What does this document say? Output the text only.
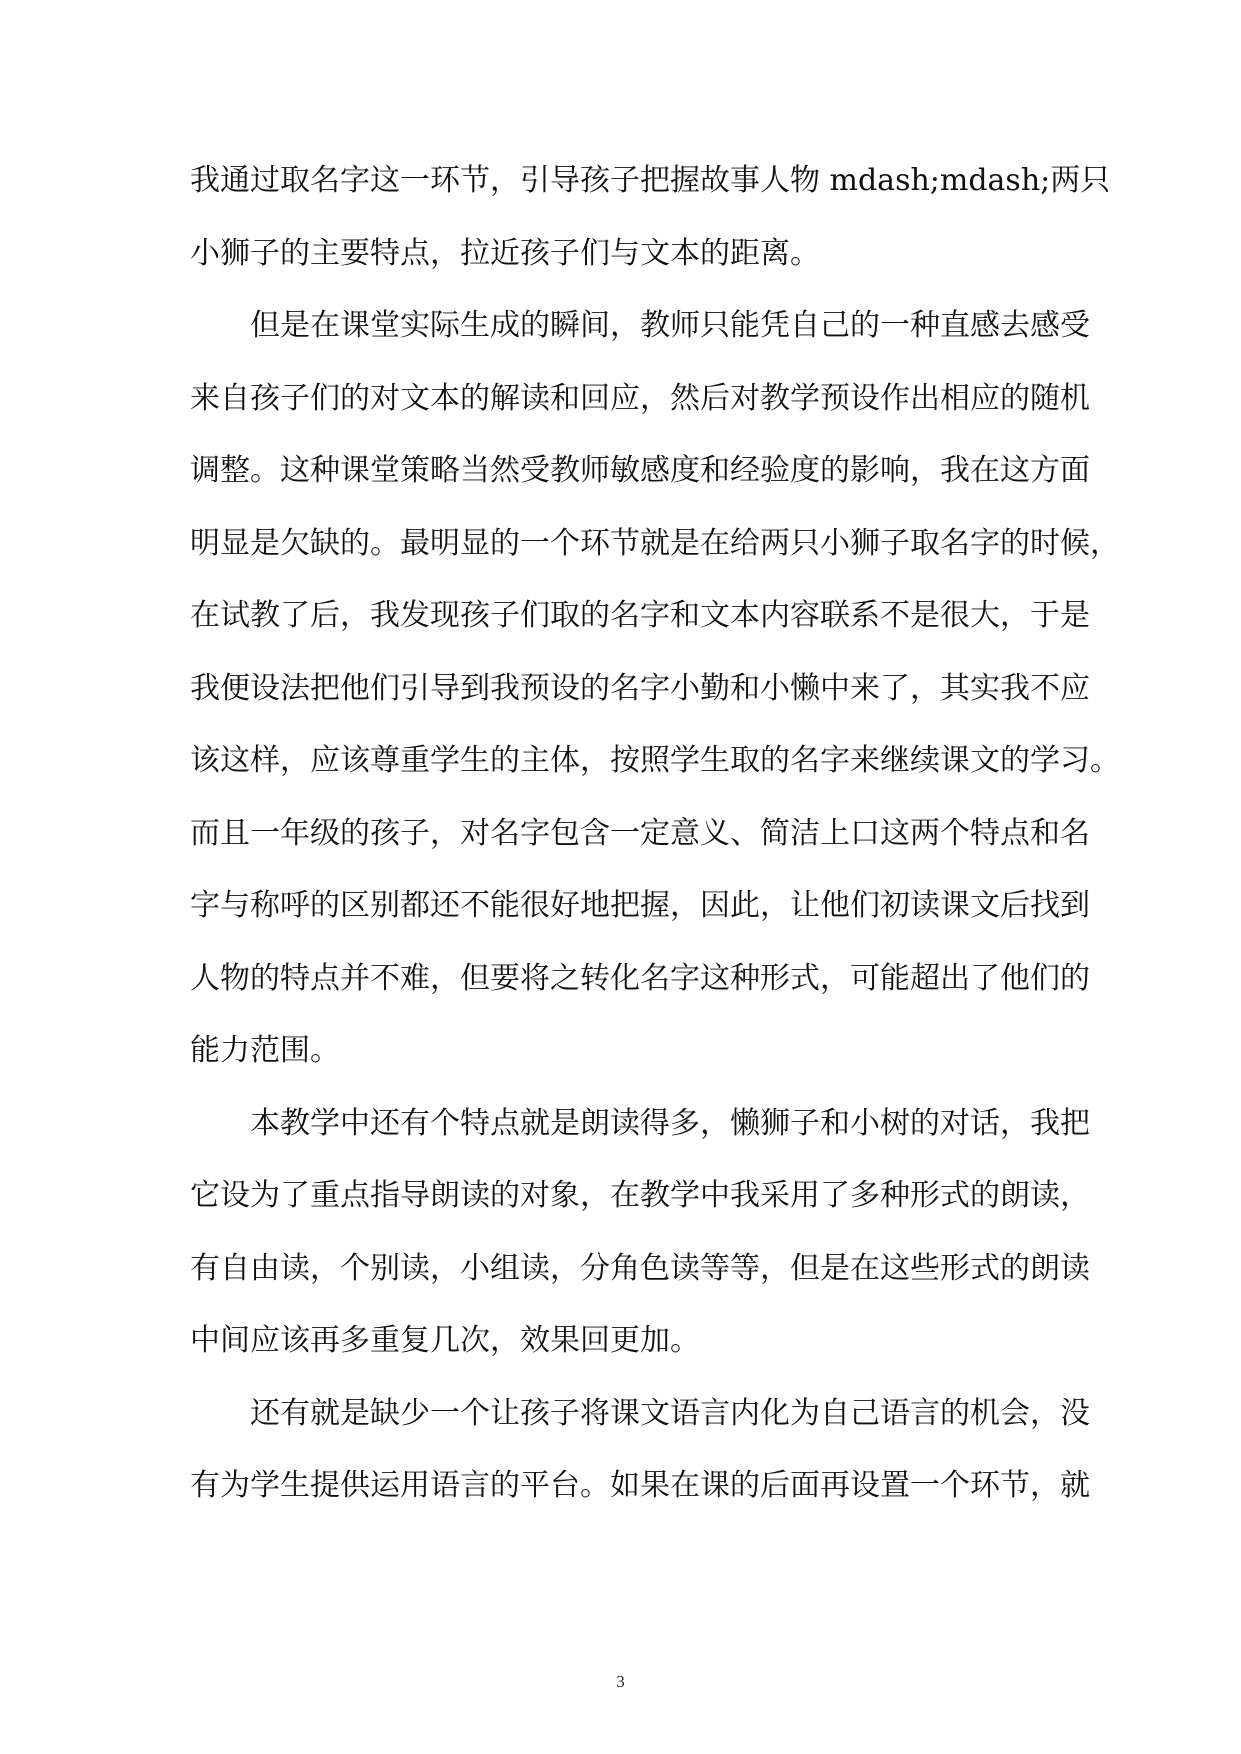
我通过取名字这一环节，引导孩子把握故事人物 mdash;mdash;两只
小狮子的主要特点，拉近孩子们与文本的距离。
但是在课堂实际生成的瞬间，教师只能凭自己的一种直感去感受
来自孩子们的对文本的解读和回应，然后对教学预设作出相应的随机
调整。这种课堂策略当然受教师敏感度和经验度的影响，我在这方面
明显是欠缺的。最明显的一个环节就是在给两只小狮子取名字的时候，
在试教了后，我发现孩子们取的名字和文本内容联系不是很大，于是
我便设法把他们引导到我预设的名字小勤和小懒中来了，其实我不应
该这样，应该尊重学生的主体，按照学生取的名字来继续课文的学习。
而且一年级的孩子，对名字包含一定意义、简洁上口这两个特点和名
字与称呼的区别都还不能很好地把握，因此，让他们初读课文后找到
人物的特点并不难，但要将之转化名字这种形式，可能超出了他们的
能力范围。
本教学中还有个特点就是朗读得多，懒狮子和小树的对话，我把
它设为了重点指导朗读的对象，在教学中我采用了多种形式的朗读，
有自由读，个别读，小组读，分角色读等等，但是在这些形式的朗读
中间应该再多重复几次，效果回更加。
还有就是缺少一个让孩子将课文语言内化为自己语言的机会，没
有为学生提供运用语言的平台。如果在课的后面再设置一个环节，就
3
